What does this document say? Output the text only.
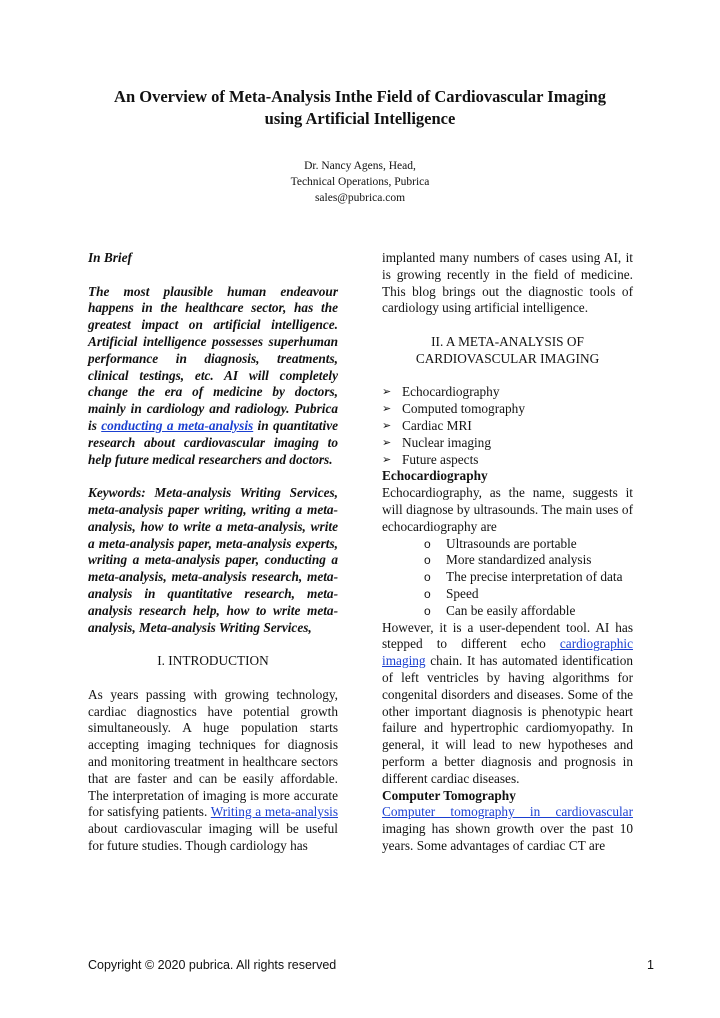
An Overview of Meta-Analysis Inthe Field of Cardiovascular Imaging
using Artificial Intelligence
Dr. Nancy Agens, Head,
Technical Operations, Pubrica
sales@pubrica.com

In Brief

The most plausible human endeavour happens in the healthcare sector, has the greatest impact on artificial intelligence. Artificial intelligence possesses superhuman performance in diagnosis, treatments, clinical testings, etc. AI will completely change the era of medicine by doctors, mainly in cardiology and radiology. Pubrica is conducting a meta-analysis in quantitative research about cardiovascular imaging to help future medical researchers and doctors.

Keywords: Meta-analysis Writing Services, meta-analysis paper writing, writing a meta-analysis, how to write a meta-analysis, write a meta-analysis paper, meta-analysis experts, writing a meta-analysis paper, conducting a meta-analysis, meta-analysis research, meta-analysis in quantitative research, meta-analysis research help, how to write meta-analysis, Meta-analysis Writing Services,

I. INTRODUCTION

As years passing with growing technology, cardiac diagnostics have potential growth simultaneously. A huge population starts accepting imaging techniques for diagnosis and monitoring treatment in healthcare sectors that are faster and can be easily affordable. The interpretation of imaging is more accurate for satisfying patients. Writing a meta-analysis about cardiovascular imaging will be useful for future studies. Though cardiology has

implanted many numbers of cases using AI, it is growing recently in the field of medicine. This blog brings out the diagnostic tools of cardiology using artificial intelligence.

II. A META-ANALYSIS OF
CARDIOVASCULAR IMAGING

➢ Echocardiography
➢ Computed tomography
➢ Cardiac MRI
➢ Nuclear imaging
➢ Future aspects

Echocardiography

Echocardiography, as the name, suggests it will diagnose by ultrasounds. The main uses of echocardiography are

o Ultrasounds are portable
o More standardized analysis
o The precise interpretation of data
o Speed
o Can be easily affordable

However, it is a user-dependent tool. AI has stepped to different echo cardiographic imaging chain. It has automated identification of left ventricles by having algorithms for congenital disorders and diseases. Some of the other important diagnosis is phenotypic heart failure and hypertrophic cardiomyopathy. In general, it will lead to new hypotheses and perform a better diagnosis and prognosis in different cardiac diseases.

Computer Tomography

Computer tomography in cardiovascular imaging has shown growth over the past 10 years. Some advantages of cardiac CT are

Copyright © 2020 pubrica. All rights reserved	1
